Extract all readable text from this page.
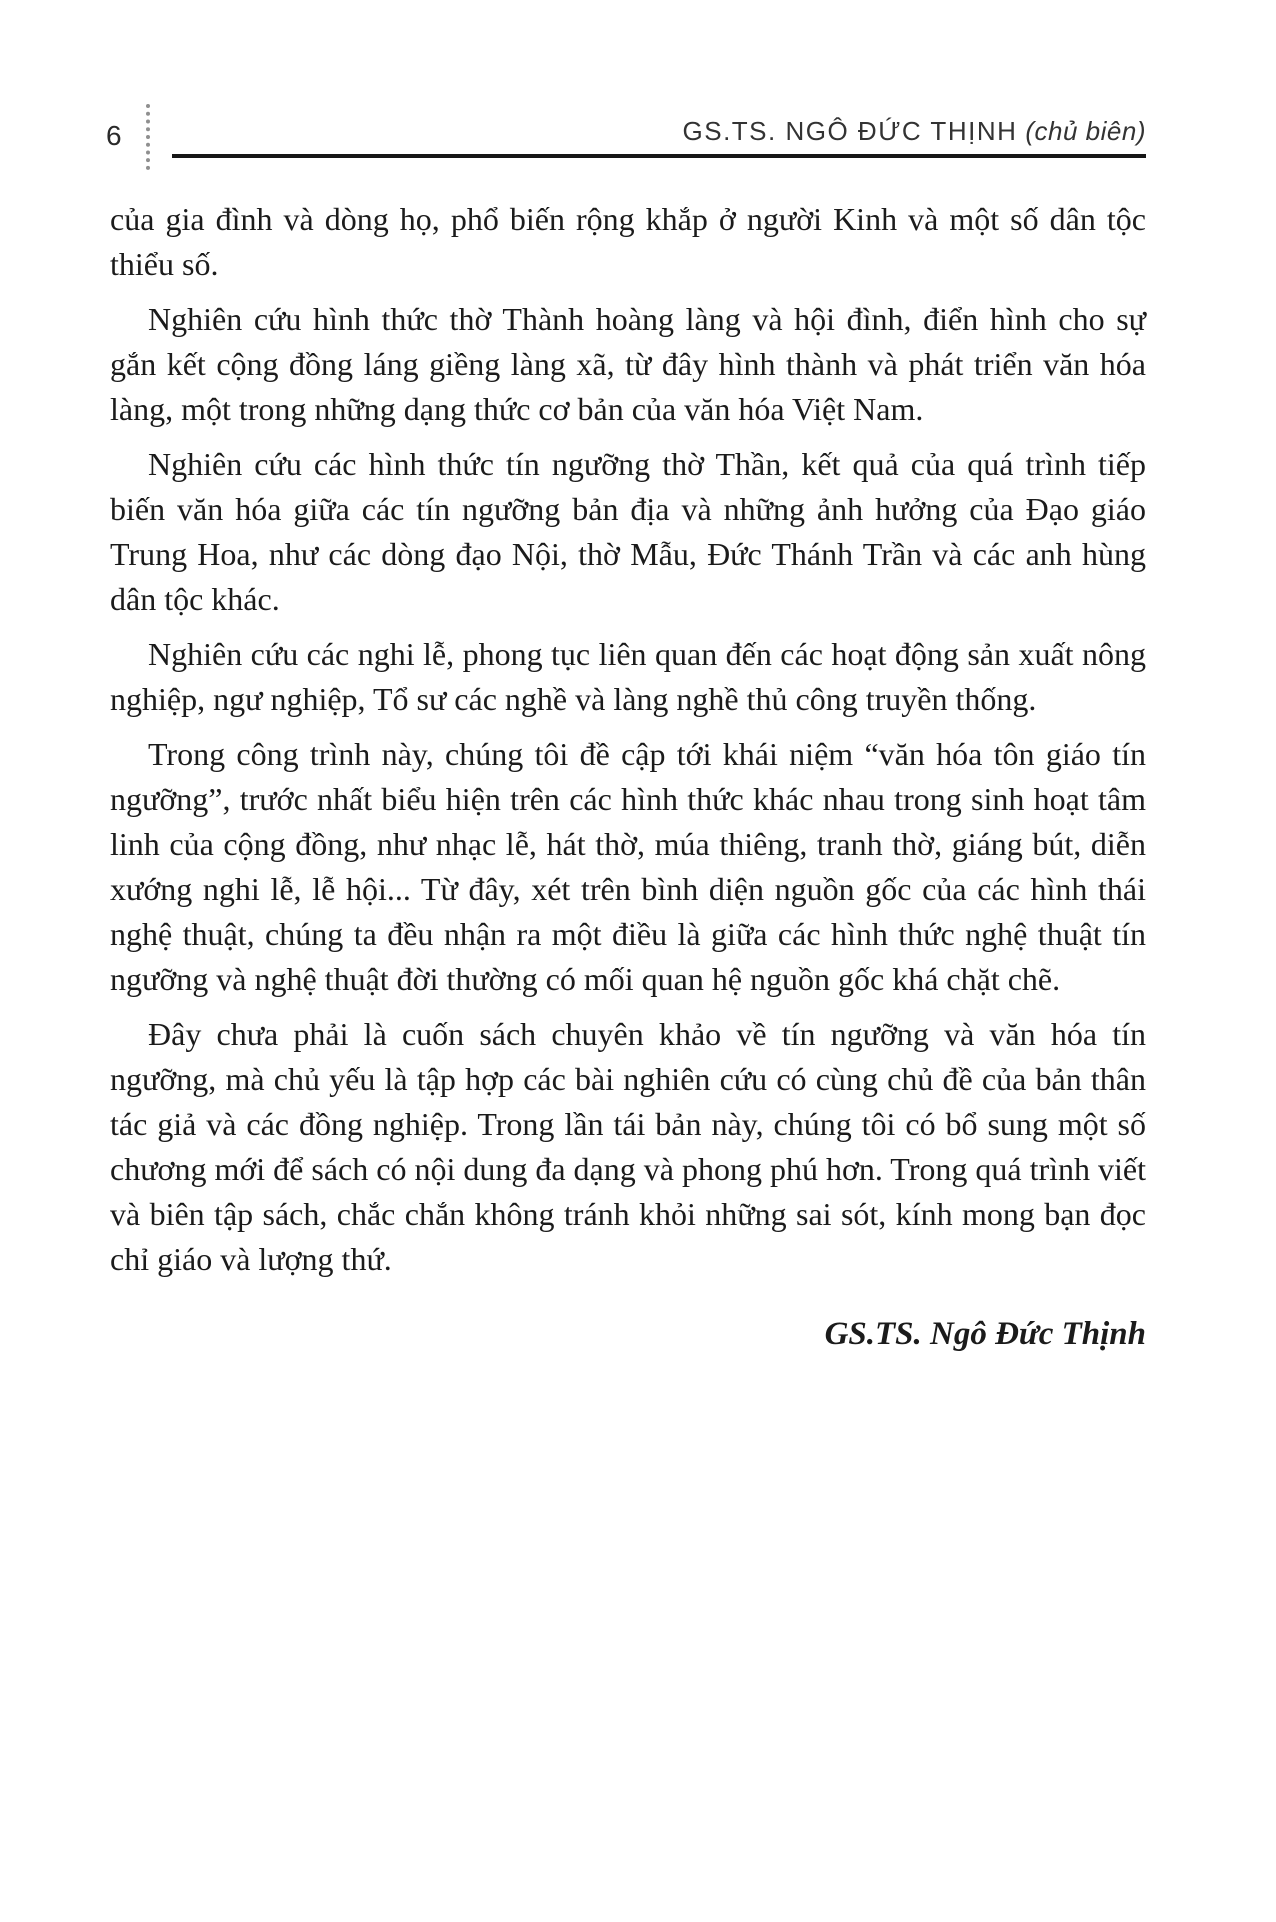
6	GS.TS. NGÔ ĐỨC THỊNH (chủ biên)

của gia đình và dòng họ, phổ biến rộng khắp ở người Kinh và một số dân tộc thiểu số.

Nghiên cứu hình thức thờ Thành hoàng làng và hội đình, điển hình cho sự gắn kết cộng đồng láng giềng làng xã, từ đây hình thành và phát triển văn hóa làng, một trong những dạng thức cơ bản của văn hóa Việt Nam.

Nghiên cứu các hình thức tín ngưỡng thờ Thần, kết quả của quá trình tiếp biến văn hóa giữa các tín ngưỡng bản địa và những ảnh hưởng của Đạo giáo Trung Hoa, như các dòng đạo Nội, thờ Mẫu, Đức Thánh Trần và các anh hùng dân tộc khác.

Nghiên cứu các nghi lễ, phong tục liên quan đến các hoạt động sản xuất nông nghiệp, ngư nghiệp, Tổ sư các nghề và làng nghề thủ công truyền thống.

Trong công trình này, chúng tôi đề cập tới khái niệm “văn hóa tôn giáo tín ngưỡng”, trước nhất biểu hiện trên các hình thức khác nhau trong sinh hoạt tâm linh của cộng đồng, như nhạc lễ, hát thờ, múa thiêng, tranh thờ, giáng bút, diễn xướng nghi lễ, lễ hội... Từ đây, xét trên bình diện nguồn gốc của các hình thái nghệ thuật, chúng ta đều nhận ra một điều là giữa các hình thức nghệ thuật tín ngưỡng và nghệ thuật đời thường có mối quan hệ nguồn gốc khá chặt chẽ.

Đây chưa phải là cuốn sách chuyên khảo về tín ngưỡng và văn hóa tín ngưỡng, mà chủ yếu là tập hợp các bài nghiên cứu có cùng chủ đề của bản thân tác giả và các đồng nghiệp. Trong lần tái bản này, chúng tôi có bổ sung một số chương mới để sách có nội dung đa dạng và phong phú hơn. Trong quá trình viết và biên tập sách, chắc chắn không tránh khỏi những sai sót, kính mong bạn đọc chỉ giáo và lượng thứ.

GS.TS. Ngô Đức Thịnh
